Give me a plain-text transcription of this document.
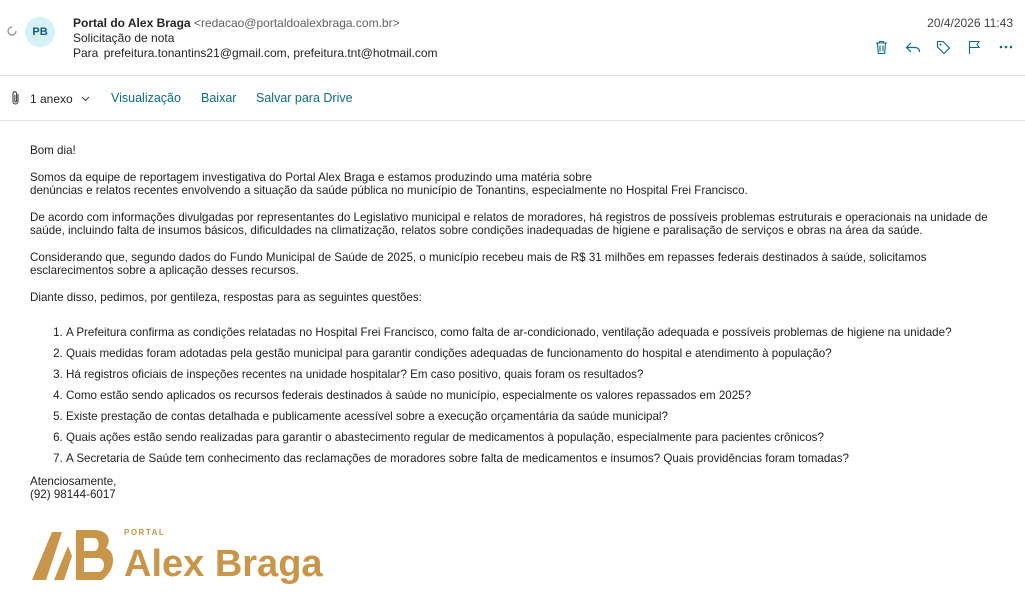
PB
Portal do Alex Braga <redacao@portaldoalexbraga.com.br>
Solicitação de nota
Para prefeitura.tonantins21@gmail.com, prefeitura.tnt@hotmail.com
20/4/2026 11:43
1 anexo	Visualização Baixar Salvar para Drive

Bom dia!

Somos da equipe de reportagem investigativa do Portal Alex Braga e estamos produzindo uma matéria sobre
denúncias e relatos recentes envolvendo a situação da saúde pública no município de Tonantins, especialmente no Hospital Frei Francisco.

De acordo com informações divulgadas por representantes do Legislativo municipal e relatos de moradores, há registros de possíveis problemas estruturais e operacionais na unidade de saúde, incluindo falta de insumos básicos, dificuldades na climatização, relatos sobre condições inadequadas de higiene e paralisação de serviços e obras na área da saúde.

Considerando que, segundo dados do Fundo Municipal de Saúde de 2025, o município recebeu mais de R$ 31 milhões em repasses federais destinados à saúde, solicitamos esclarecimentos sobre a aplicação desses recursos.

Diante disso, pedimos, por gentileza, respostas para as seguintes questões:

1. A Prefeitura confirma as condições relatadas no Hospital Frei Francisco, como falta de ar-condicionado, ventilação adequada e possíveis problemas de higiene na unidade?
2. Quais medidas foram adotadas pela gestão municipal para garantir condições adequadas de funcionamento do hospital e atendimento à população?
3. Há registros oficiais de inspeções recentes na unidade hospitalar? Em caso positivo, quais foram os resultados?
4. Como estão sendo aplicados os recursos federais destinados à saúde no município, especialmente os valores repassados em 2025?
5. Existe prestação de contas detalhada e publicamente acessível sobre a execução orçamentária da saúde municipal?
6. Quais ações estão sendo realizadas para garantir o abastecimento regular de medicamentos à população, especialmente para pacientes crônicos?
7. A Secretaria de Saúde tem conhecimento das reclamações de moradores sobre falta de medicamentos e insumos? Quais providências foram tomadas?
Atenciosamente,
(92) 98144-6017
PORTAL
Alex Braga
